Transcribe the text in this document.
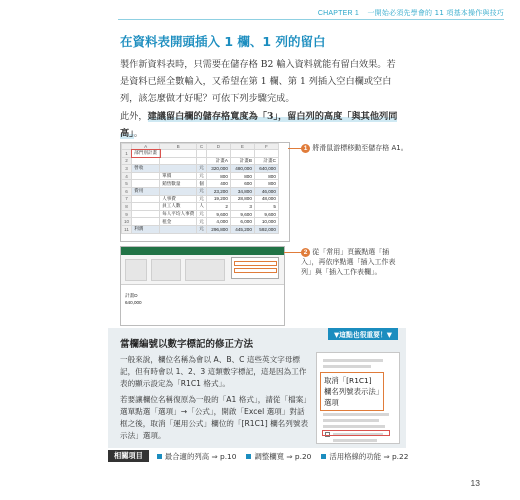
CHAPTER 1 一開始必須先學會的 11 項基本操作與技巧
在資料表開頭插入 1 欄、1 列的留白
製作新資料表時，只需要在儲存格 B2 輸入資料就能有留白效果。若是資料已經全數輸入，又希望在第 1 欄、第 1 列插入空白欄或空白列，該怎麼做才好呢？可依下列步驟完成。
此外，建議留白欄的儲存格寬度為「3」，留白列的高度「與其他列同高」。
	A	B	C	D	E	F
1	部門別計畫					
2				計畫A	計畫B	計畫C
3	營收		元	320,000	480,000	640,000
4		單價	元	800	800	800
5		銷售數量	個	400	600	800
6	費用		元	23,200	34,800	46,000
7		人事費	元	19,200	28,800	48,000
8		員工人數	人	2	3	5
9		每人平均人事費	元	9,600	9,600	9,600
10		租金	元	4,000	6,000	10,000
11	利潤		元	296,800	445,200	592,000
1 將滑鼠游標移動至儲存格 A1。
計畫D
640,000
2 從「常用」頁籤點選「插入」，再依序點選「插入工作表列」與「插入工作表欄」。
▼這點也很重要！▼
當欄編號以數字標記的修正方法
一般來說，欄位名稱為會以 A、B、C 這些英文字母標記，但有時會以 1、2、3 這類數字標記，這是因為工作表的顯示設定為「R1C1 格式」。
若要讓欄位名稱復原為一般的「A1 格式」，請從「檔案」選單點選「選項」→「公式」，開啟「Excel 選項」對話框之後，取消「運用公式」欄位的「[R1C1] 欄名列號表示法」選項。
取消「[R1C1] 欄名列號表示法」選項
相關項目	最合適的列高 ⇒ p.10 調整欄寬 ⇒ p.20 活用格線的功能 ⇒ p.22
13
